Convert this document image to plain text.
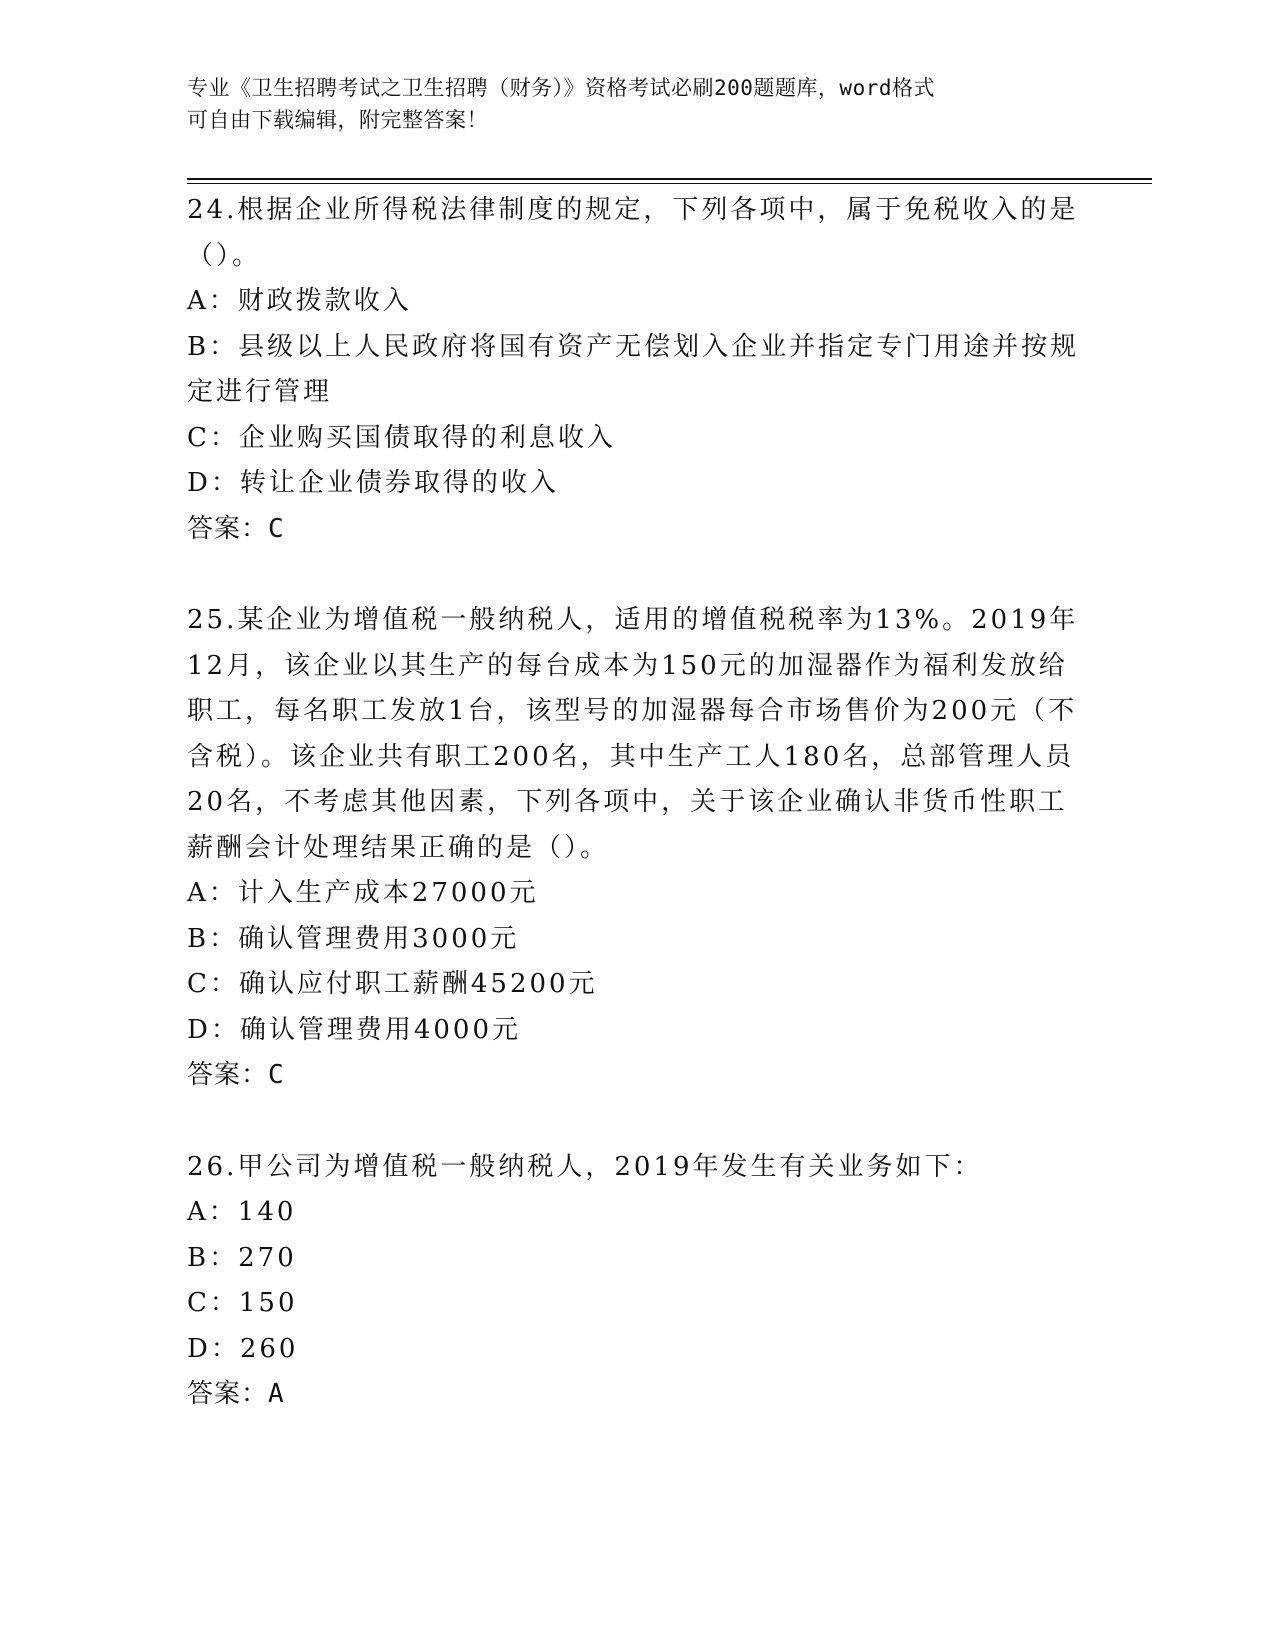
专业《卫生招聘考试之卫生招聘（财务）》资格考试必刷200题题库，word格式
可自由下载编辑，附完整答案！

24.根据企业所得税法律制度的规定，下列各项中，属于免税收入的是（）。

A：财政拨款收入

B：县级以上人民政府将国有资产无偿划入企业并指定专门用途并按规定进行管理

C：企业购买国债取得的利息收入

D：转让企业债券取得的收入

答案：C

25.某企业为增值税一般纳税人，适用的增值税税率为13%。2019年12月，该企业以其生产的每台成本为150元的加湿器作为福利发放给职工，每名职工发放1台，该型号的加湿器每合市场售价为200元（不含税）。该企业共有职工200名，其中生产工人180名，总部管理人员20名，不考虑其他因素，下列各项中，关于该企业确认非货币性职工薪酬会计处理结果正确的是（）。

A：计入生产成本27000元

B：确认管理费用3000元

C：确认应付职工薪酬45200元

D：确认管理费用4000元

答案：C

26.甲公司为增值税一般纳税人，2019年发生有关业务如下：

A：140

B：270

C：150

D：260

答案：A
